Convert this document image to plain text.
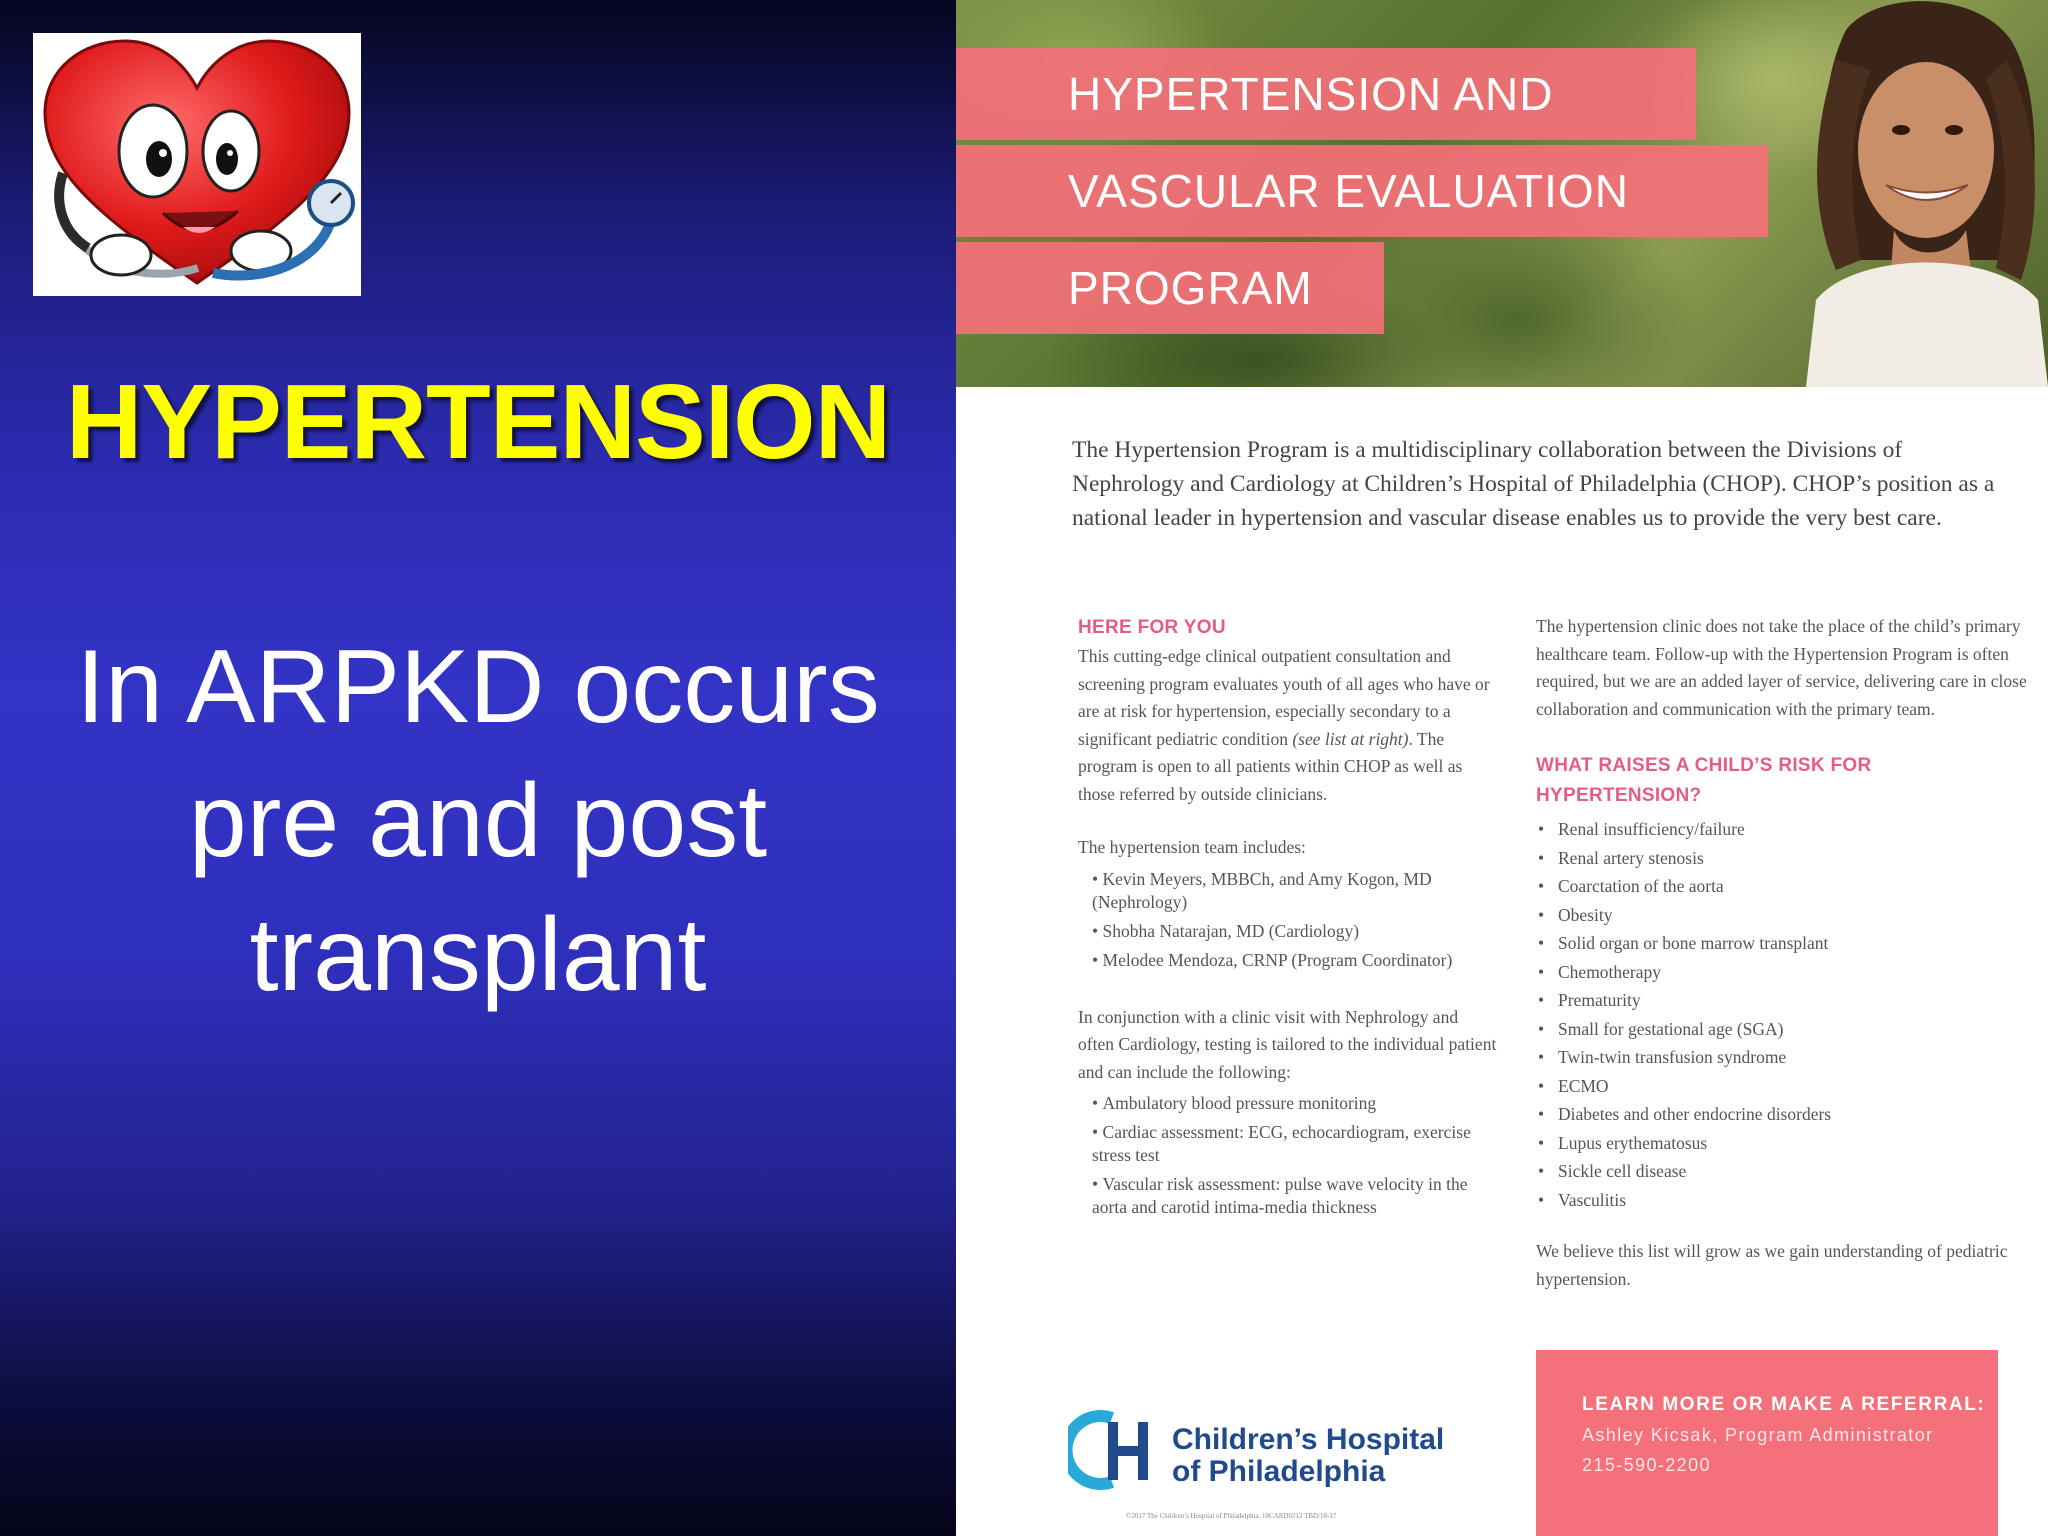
HYPERTENSION
In ARPKD occurs
pre and post
transplant
HYPERTENSION AND
VASCULAR EVALUATION
PROGRAM

The Hypertension Program is a multidisciplinary collaboration between the Divisions of Nephrology and Cardiology at Children’s Hospital of Philadelphia (CHOP). CHOP’s position as a national leader in hypertension and vascular disease enables us to provide the very best care.

HERE FOR YOU

This cutting-edge clinical outpatient consultation and screening program evaluates youth of all ages who have or are at risk for hypertension, especially secondary to a significant pediatric condition (see list at right). The program is open to all patients within CHOP as well as those referred by outside clinicians.

The hypertension team includes:

• Kevin Meyers, MBBCh, and Amy Kogon, MD (Nephrology)
• Shobha Natarajan, MD (Cardiology)
• Melodee Mendoza, CRNP (Program Coordinator)

In conjunction with a clinic visit with Nephrology and often Cardiology, testing is tailored to the individual patient and can include the following:

• Ambulatory blood pressure monitoring
• Cardiac assessment: ECG, echocardiogram, exercise stress test
• Vascular risk assessment: pulse wave velocity in the aorta and carotid intima-media thickness

The hypertension clinic does not take the place of the child’s primary healthcare team. Follow-up with the Hypertension Program is often required, but we are an added layer of service, delivering care in close collaboration and communication with the primary team.

WHAT RAISES A CHILD’S RISK FOR HYPERTENSION?
• Renal insufficiency/failure
• Renal artery stenosis
• Coarctation of the aorta
• Obesity
• Solid organ or bone marrow transplant
• Chemotherapy
• Prematurity
• Small for gestational age (SGA)
• Twin-twin transfusion syndrome
• ECMO
• Diabetes and other endocrine disorders
• Lupus erythematosus
• Sickle cell disease
• Vasculitis

We believe this list will grow as we gain understanding of pediatric hypertension.

Children’s Hospital
of Philadelphia
©2017 The Children’s Hospital of Philadelphia. 18CARD0212 TBD/18-17
LEARN MORE OR MAKE A REFERRAL:
Ashley Kicsak, Program Administrator
215-590-2200
